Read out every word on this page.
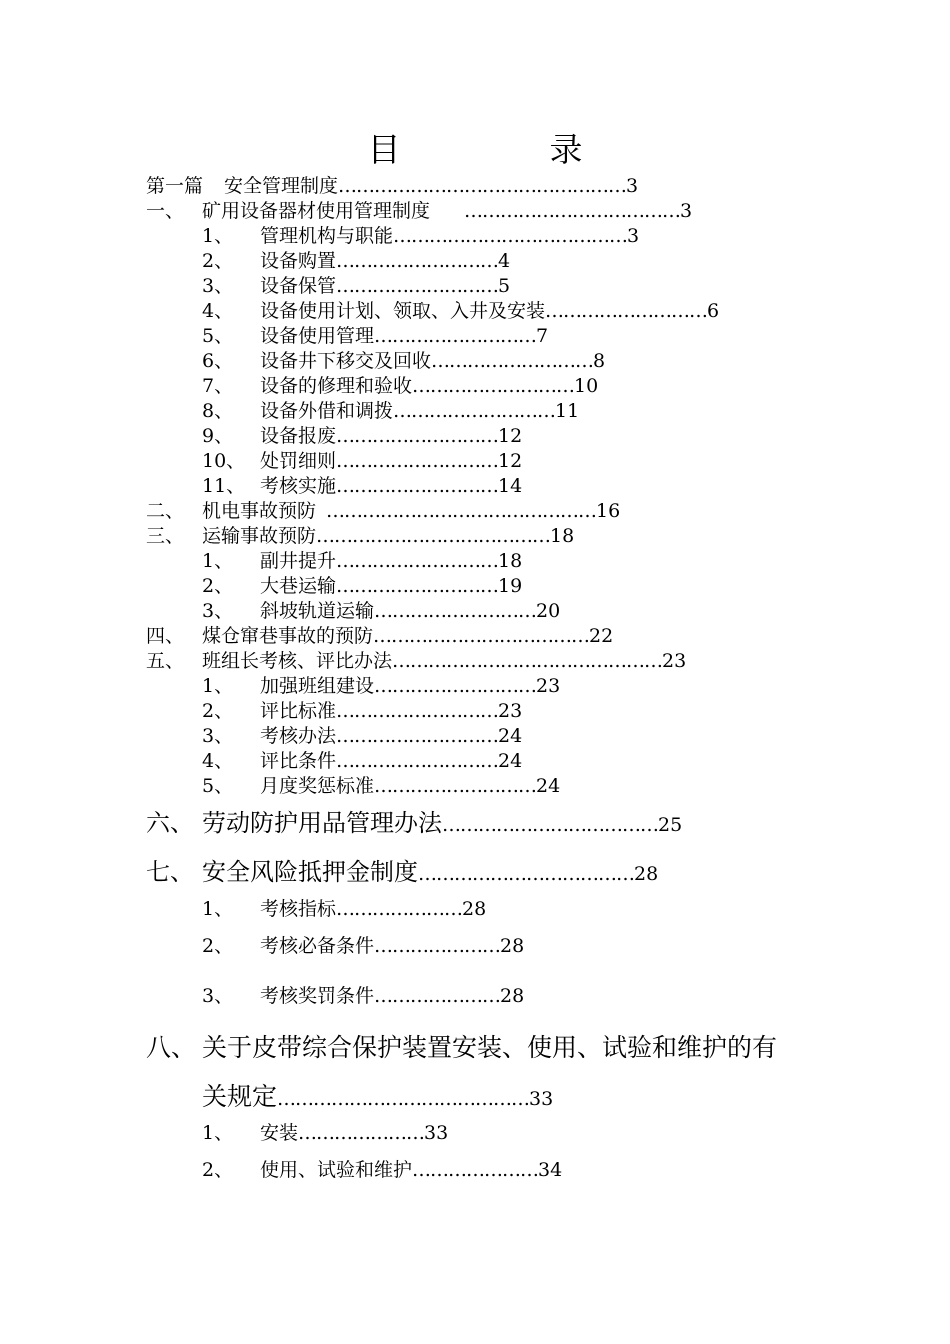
目　录
第一篇 安全管理制度…………………………………………3
一、 矿用设备器材使用管理制度 ………………………………3
1、 管理机构与职能…………………………………3
2、 设备购置………………………4
3、 设备保管………………………5
4、 设备使用计划、领取、入井及安装………………………6
5、 设备使用管理………………………7
6、 设备井下移交及回收………………………8
7、 设备的修理和验收………………………10
8、 设备外借和调拨………………………11
9、 设备报废………………………12
10、 处罚细则………………………12
11、 考核实施………………………14
二、 机电事故预防 ………………………………………16
三、 运输事故预防…………………………………18
1、 副井提升………………………18
2、 大巷运输………………………19
3、 斜坡轨道运输………………………20
四、 煤仓窜巷事故的预防………………………………22
五、 班组长考核、评比办法………………………………………23
1、 加强班组建设………………………23
2、 评比标准………………………23
3、 考核办法………………………24
4、 评比条件………………………24
5、 月度奖惩标准………………………24
六、 劳动防护用品管理办法………………………………25
七、 安全风险抵押金制度………………………………28
1、 考核指标…………………28
2、 考核必备条件…………………28
3、 考核奖罚条件…………………28
八、 关于皮带综合保护装置安装、使用、试验和维护的有
关规定……………………………………33
1、 安装…………………33
2、 使用、试验和维护…………………34
